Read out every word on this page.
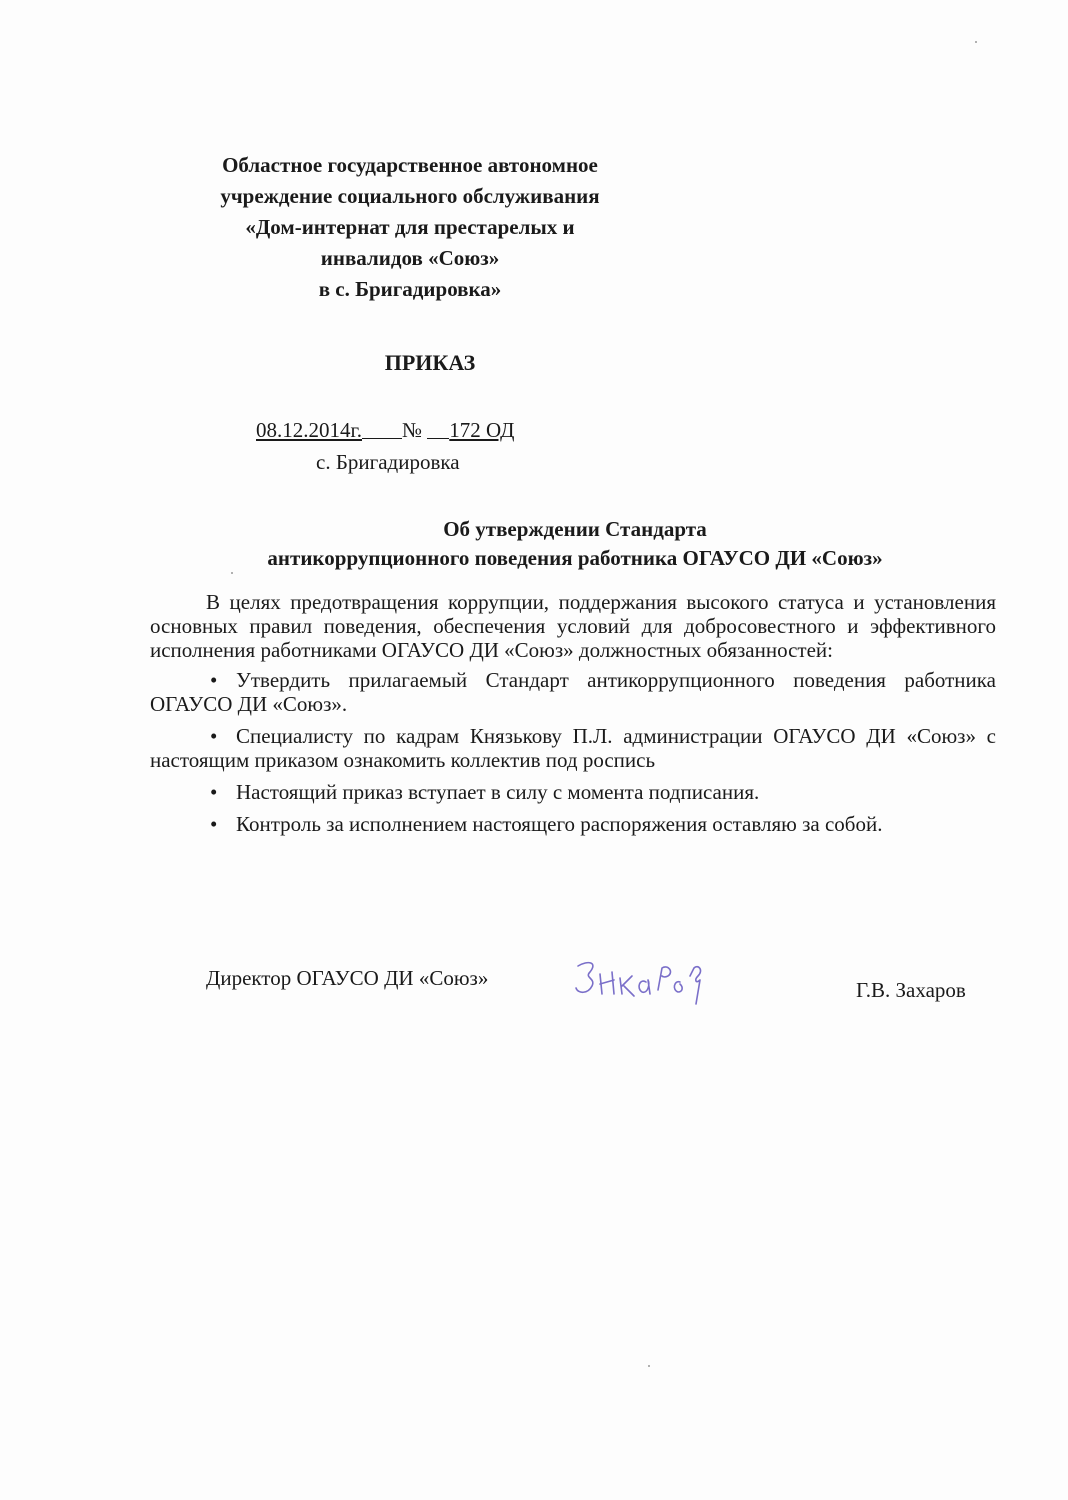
Областное государственное автономное
учреждение социального обслуживания
«Дом-интернат для престарелых и
инвалидов «Союз»
в с. Бригадировка»
ПРИКАЗ
08.12.2014г. № 172 ОД
с. Бригадировка
Об утверждении Стандарта
антикоррупционного поведения работника ОГАУСО ДИ «Союз»

В целях предотвращения коррупции, поддержания высокого статуса и установления основных правил поведения, обеспечения условий для добросовестного и эффективного исполнения работниками ОГАУСО ДИ «Союз» должностных обязанностей:

• Утвердить прилагаемый Стандарт антикоррупционного поведения работника ОГАУСО ДИ «Союз».

• Специалисту по кадрам Князькову П.Л. администрации ОГАУСО ДИ «Союз» с настоящим приказом ознакомить коллектив под роспись

• Настоящий приказ вступает в силу с момента подписания.

• Контроль за исполнением настоящего распоряжения оставляю за собой.

Директор ОГАУСО ДИ «Союз»	Г.В. Захаров
